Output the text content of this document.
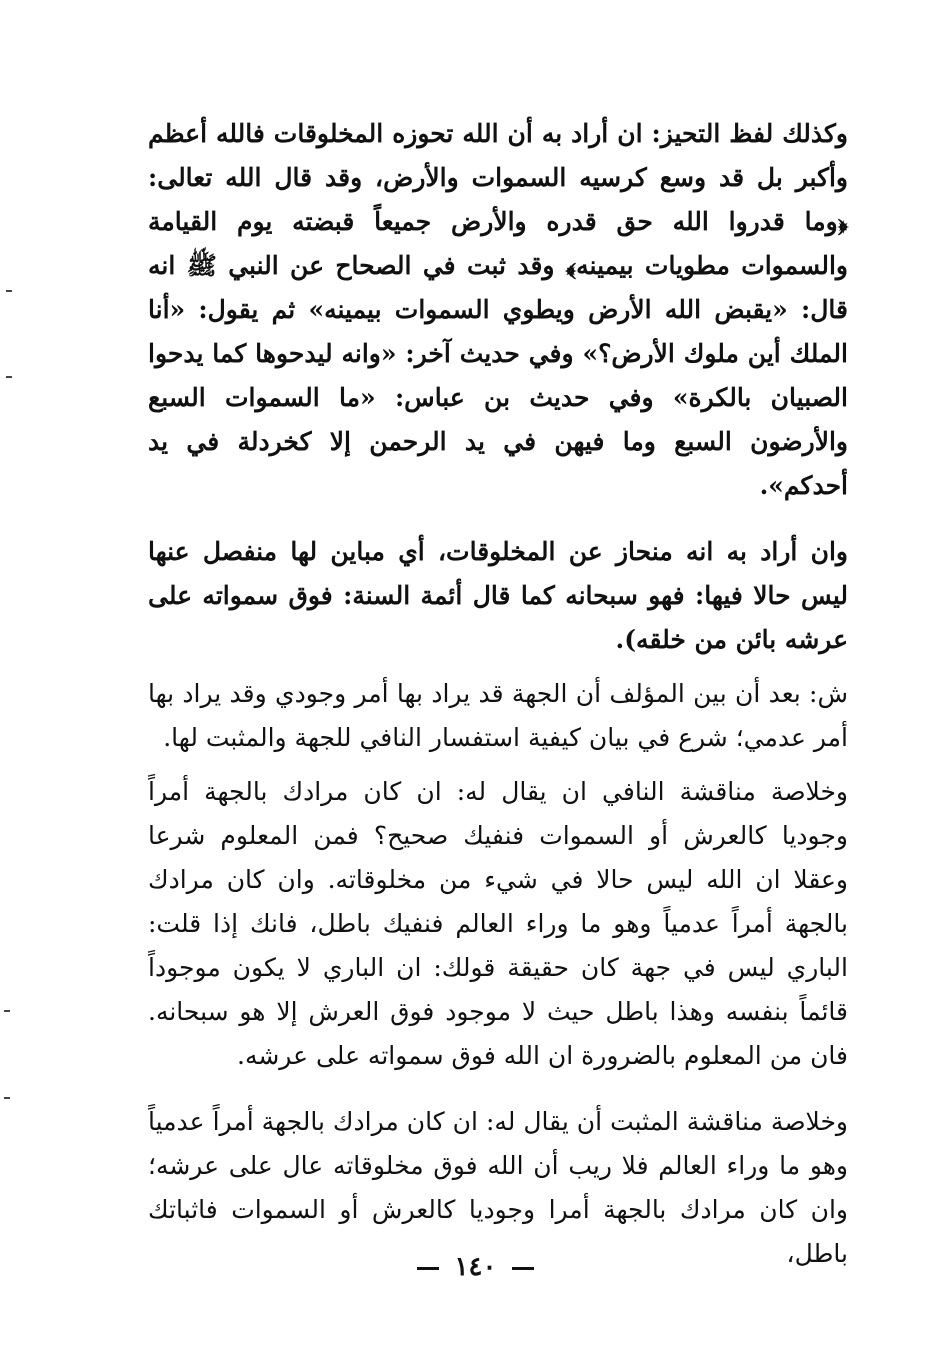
وكذلك لفظ التحيز: ان أراد به أن الله تحوزه المخلوقات فالله أعظم وأكبر بل قد وسع كرسيه السموات والأرض، وقد قال الله تعالى: ﴿وما قدروا الله حق قدره والأرض جميعاً قبضته يوم القيامة والسموات مطويات بيمينه﴾ وقد ثبت في الصحاح عن النبي ﷺ انه قال: «يقبض الله الأرض ويطوي السموات بيمينه» ثم يقول: «أنا الملك أين ملوك الأرض؟» وفي حديث آخر: «وانه ليدحوها كما يدحوا الصبيان بالكرة» وفي حديث بن عباس: «ما السموات السبع والأرضون السبع وما فيهن في يد الرحمن إلا كخردلة في يد أحدكم».

وان أراد به انه منحاز عن المخلوقات، أي مباين لها منفصل عنها ليس حالا فيها: فهو سبحانه كما قال أئمة السنة: فوق سمواته على عرشه بائن من خلقه).

ش: بعد أن بين المؤلف أن الجهة قد يراد بها أمر وجودي وقد يراد بها أمر عدمي؛ شرع في بيان كيفية استفسار النافي للجهة والمثبت لها.

وخلاصة مناقشة النافي ان يقال له: ان كان مرادك بالجهة أمراً وجوديا كالعرش أو السموات فنفيك صحيح؟ فمن المعلوم شرعا وعقلا ان الله ليس حالا في شيء من مخلوقاته. وان كان مرادك بالجهة أمراً عدمياً وهو ما وراء العالم فنفيك باطل، فانك إذا قلت: الباري ليس في جهة كان حقيقة قولك: ان الباري لا يكون موجوداً قائماً بنفسه وهذا باطل حيث لا موجود فوق العرش إلا هو سبحانه. فان من المعلوم بالضرورة ان الله فوق سمواته على عرشه.

وخلاصة مناقشة المثبت أن يقال له: ان كان مرادك بالجهة أمراً عدمياً وهو ما وراء العالم فلا ريب أن الله فوق مخلوقاته عال على عرشه؛ وان كان مرادك بالجهة أمرا وجوديا كالعرش أو السموات فاثباتك باطل،

١٤٠
